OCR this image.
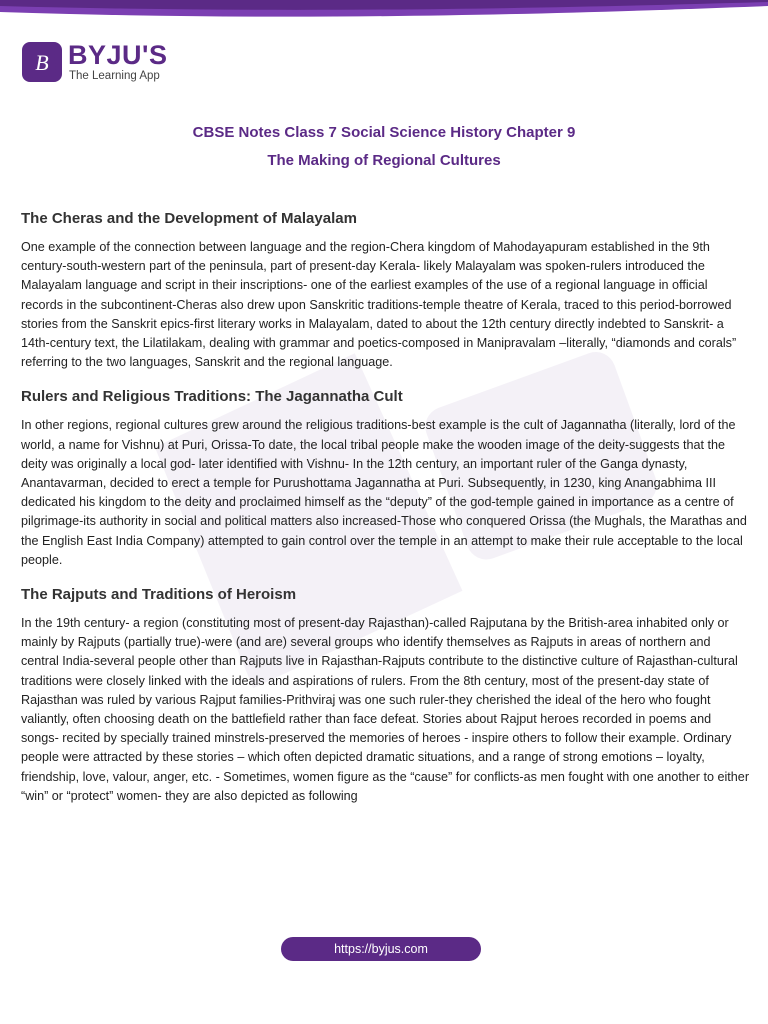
B BYJU'S
The Learning App
CBSE Notes Class 7 Social Science History Chapter 9
The Making of Regional Cultures
The Cheras and the Development of Malayalam

One example of the connection between language and the region-Chera kingdom of Mahodayapuram established in the 9th century-south-western part of the peninsula, part of present-day Kerala- likely Malayalam was spoken-rulers introduced the Malayalam language and script in their inscriptions- one of the earliest examples of the use of a regional language in official records in the subcontinent-Cheras also drew upon Sanskritic traditions-temple theatre of Kerala, traced to this period-borrowed stories from the Sanskrit epics-first literary works in Malayalam, dated to about the 12th century directly indebted to Sanskrit- a 14th-century text, the Lilatilakam, dealing with grammar and poetics-composed in Manipravalam –literally, “diamonds and corals” referring to the two languages, Sanskrit and the regional language.

Rulers and Religious Traditions: The Jagannatha Cult

In other regions, regional cultures grew around the religious traditions-best example is the cult of Jagannatha (literally, lord of the world, a name for Vishnu) at Puri, Orissa-To date, the local tribal people make the wooden image of the deity-suggests that the deity was originally a local god- later identified with Vishnu- In the 12th century, an important ruler of the Ganga dynasty, Anantavarman, decided to erect a temple for Purushottama Jagannatha at Puri. Subsequently, in 1230, king Anangabhima III dedicated his kingdom to the deity and proclaimed himself as the “deputy” of the god-temple gained in importance as a centre of pilgrimage-its authority in social and political matters also increased-Those who conquered Orissa (the Mughals, the Marathas and the English East India Company) attempted to gain control over the temple in an attempt to make their rule acceptable to the local people.

The Rajputs and Traditions of Heroism

In the 19th century- a region (constituting most of present-day Rajasthan)-called Rajputana by the British-area inhabited only or mainly by Rajputs (partially true)-were (and are) several groups who identify themselves as Rajputs in areas of northern and central India-several people other than Rajputs live in Rajasthan-Rajputs contribute to the distinctive culture of Rajasthan-cultural traditions were closely linked with the ideals and aspirations of rulers. From the 8th century, most of the present-day state of Rajasthan was ruled by various Rajput families-Prithviraj was one such ruler-they cherished the ideal of the hero who fought valiantly, often choosing death on the battlefield rather than face defeat. Stories about Rajput heroes recorded in poems and songs- recited by specially trained minstrels-preserved the memories of heroes - inspire others to follow their example. Ordinary people were attracted by these stories – which often depicted dramatic situations, and a range of strong emotions – loyalty, friendship, love, valour, anger, etc. - Sometimes, women figure as the “cause” for conflicts-as men fought with one another to either “win” or “protect” women- they are also depicted as following

https://byjus.com
